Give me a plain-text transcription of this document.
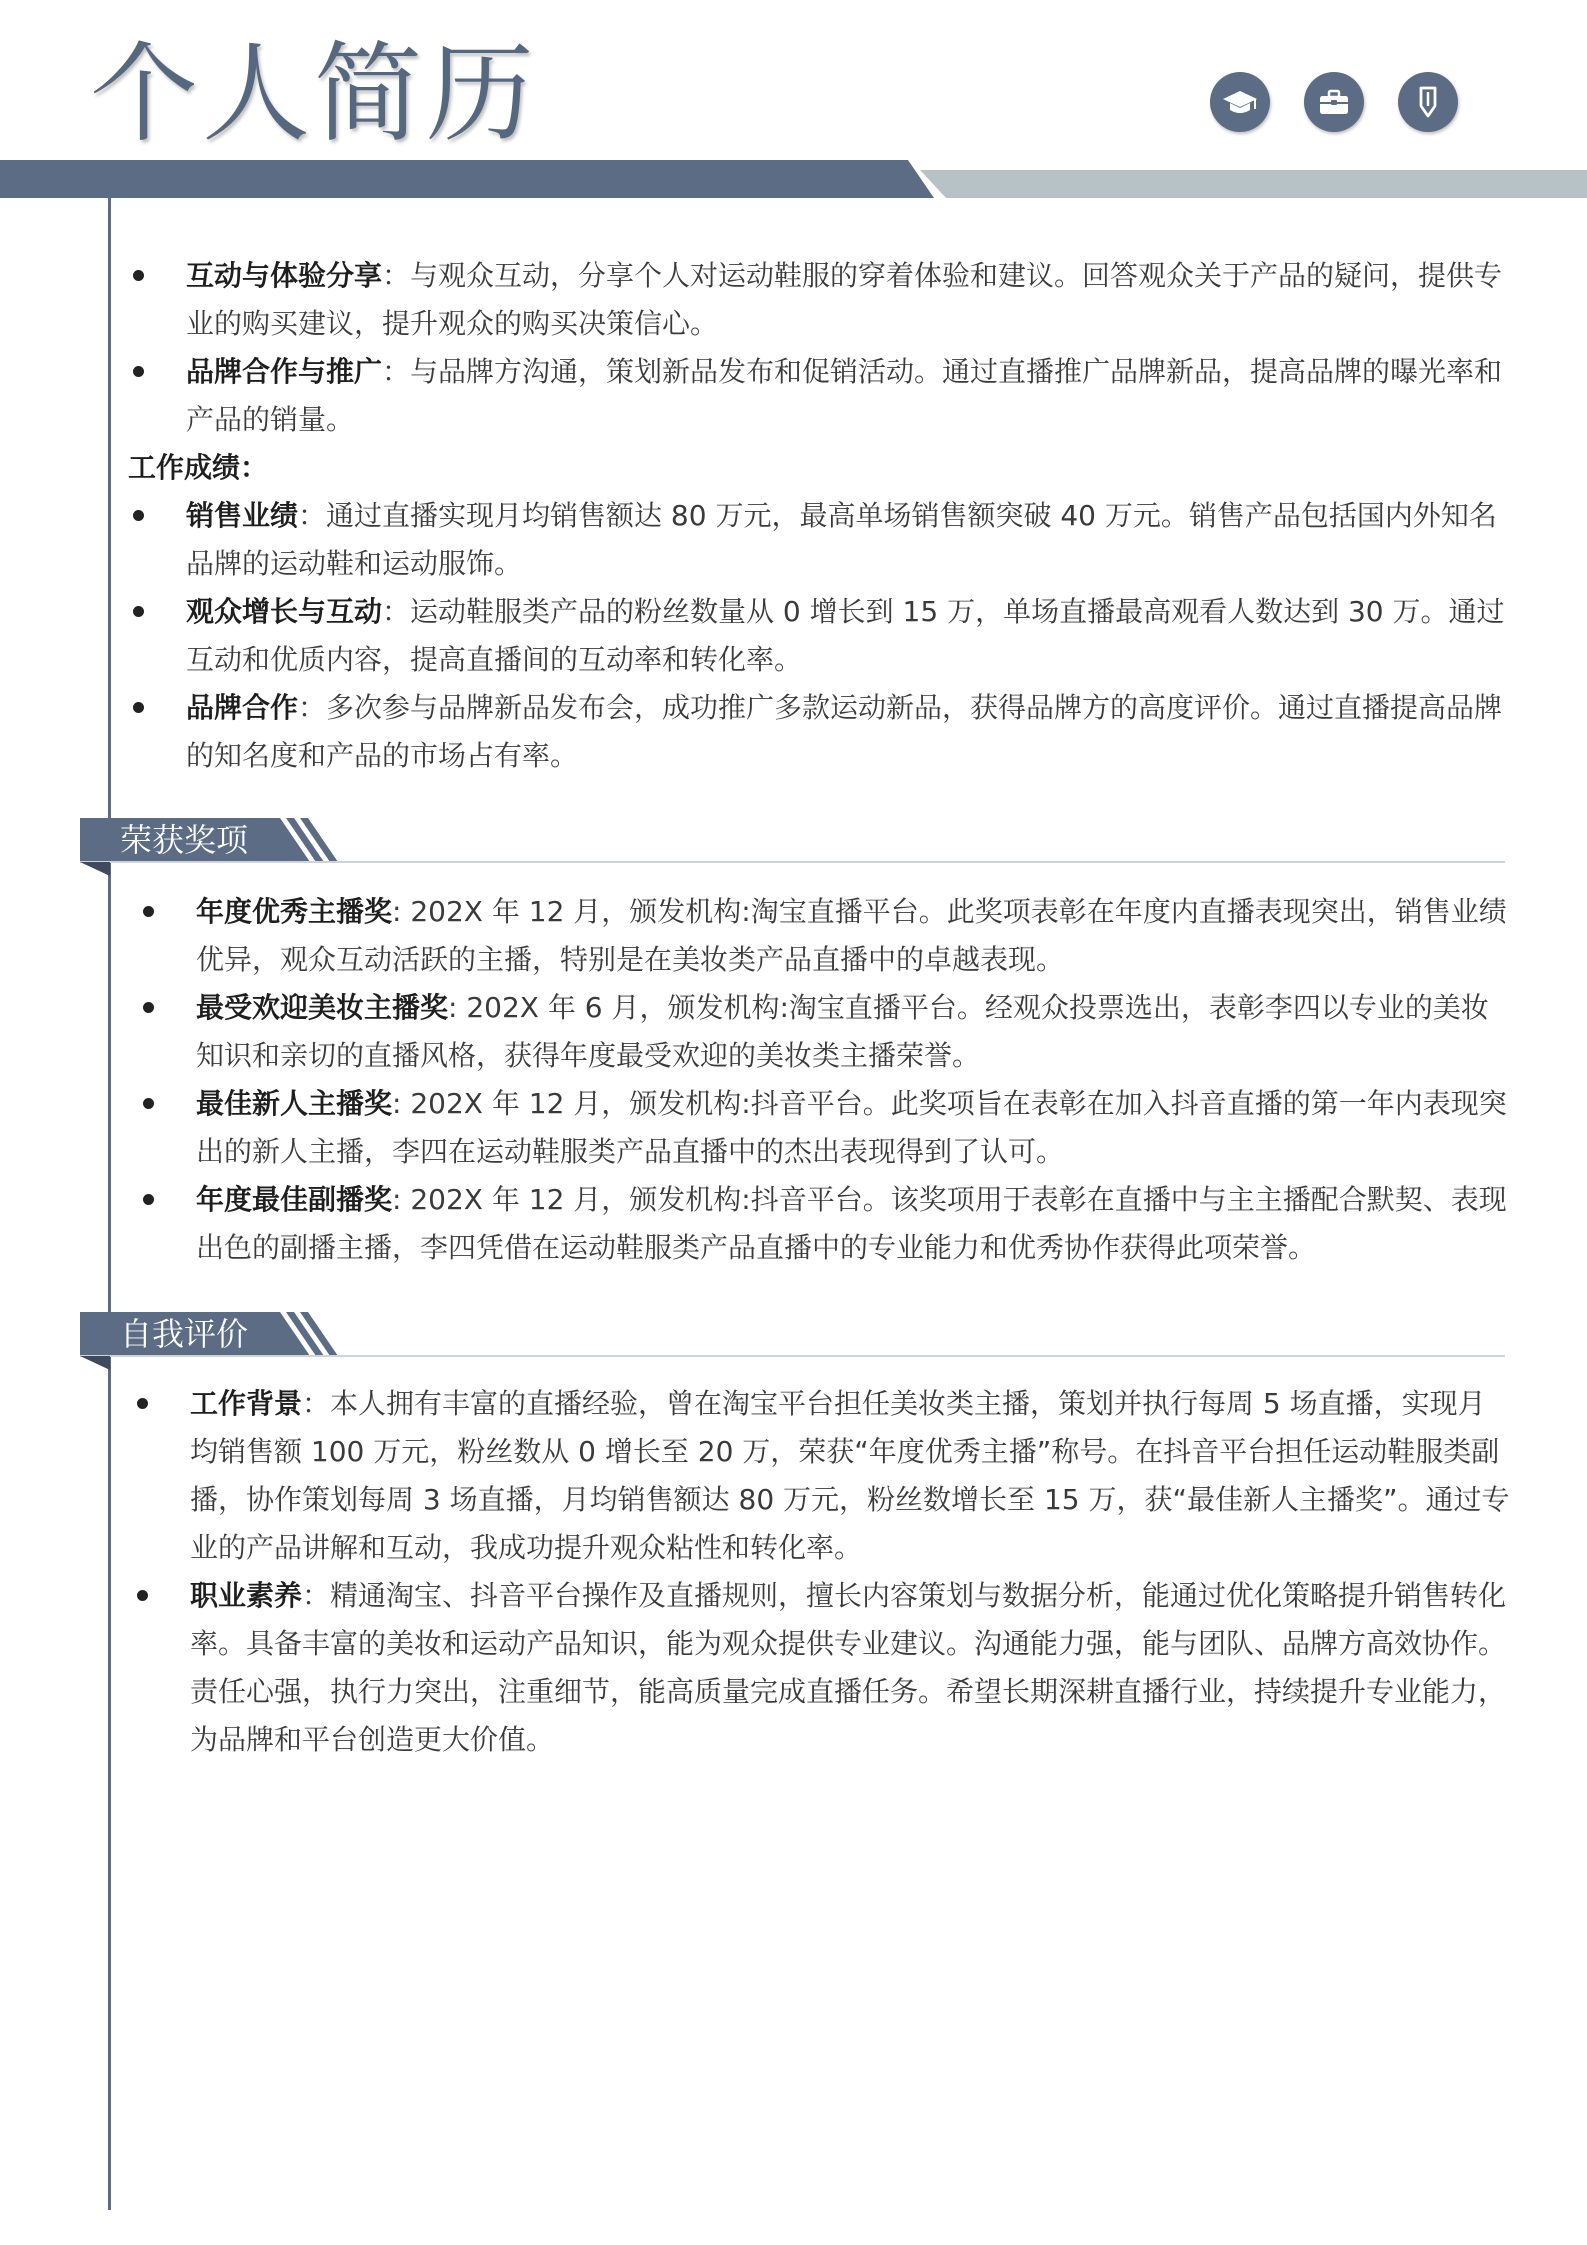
个人简历
互动与体验分享：与观众互动，分享个人对运动鞋服的穿着体验和建议。回答观众关于产品的疑问，提供专业的购买建议，提升观众的购买决策信心。
品牌合作与推广：与品牌方沟通，策划新品发布和促销活动。通过直播推广品牌新品，提高品牌的曝光率和产品的销量。
工作成绩：
销售业绩：通过直播实现月均销售额达 80 万元，最高单场销售额突破 40 万元。销售产品包括国内外知名品牌的运动鞋和运动服饰。
观众增长与互动：运动鞋服类产品的粉丝数量从 0 增长到 15 万，单场直播最高观看人数达到 30 万。通过互动和优质内容，提高直播间的互动率和转化率。
品牌合作：多次参与品牌新品发布会，成功推广多款运动新品，获得品牌方的高度评价。通过直播提高品牌的知名度和产品的市场占有率。
荣获奖项
年度优秀主播奖: 202X 年 12 月，颁发机构:淘宝直播平台。此奖项表彰在年度内直播表现突出，销售业绩优异，观众互动活跃的主播，特别是在美妆类产品直播中的卓越表现。
最受欢迎美妆主播奖: 202X 年 6 月，颁发机构:淘宝直播平台。经观众投票选出，表彰李四以专业的美妆知识和亲切的直播风格，获得年度最受欢迎的美妆类主播荣誉。
最佳新人主播奖: 202X 年 12 月，颁发机构:抖音平台。此奖项旨在表彰在加入抖音直播的第一年内表现突出的新人主播，李四在运动鞋服类产品直播中的杰出表现得到了认可。
年度最佳副播奖: 202X 年 12 月，颁发机构:抖音平台。该奖项用于表彰在直播中与主主播配合默契、表现出色的副播主播，李四凭借在运动鞋服类产品直播中的专业能力和优秀协作获得此项荣誉。
自我评价
工作背景：本人拥有丰富的直播经验，曾在淘宝平台担任美妆类主播，策划并执行每周 5 场直播，实现月均销售额 100 万元，粉丝数从 0 增长至 20 万，荣获“年度优秀主播”称号。在抖音平台担任运动鞋服类副播，协作策划每周 3 场直播，月均销售额达 80 万元，粉丝数增长至 15 万，获“最佳新人主播奖”。通过专业的产品讲解和互动，我成功提升观众粘性和转化率。
职业素养：精通淘宝、抖音平台操作及直播规则，擅长内容策划与数据分析，能通过优化策略提升销售转化率。具备丰富的美妆和运动产品知识，能为观众提供专业建议。沟通能力强，能与团队、品牌方高效协作。责任心强，执行力突出，注重细节，能高质量完成直播任务。希望长期深耕直播行业，持续提升专业能力，为品牌和平台创造更大价值。
